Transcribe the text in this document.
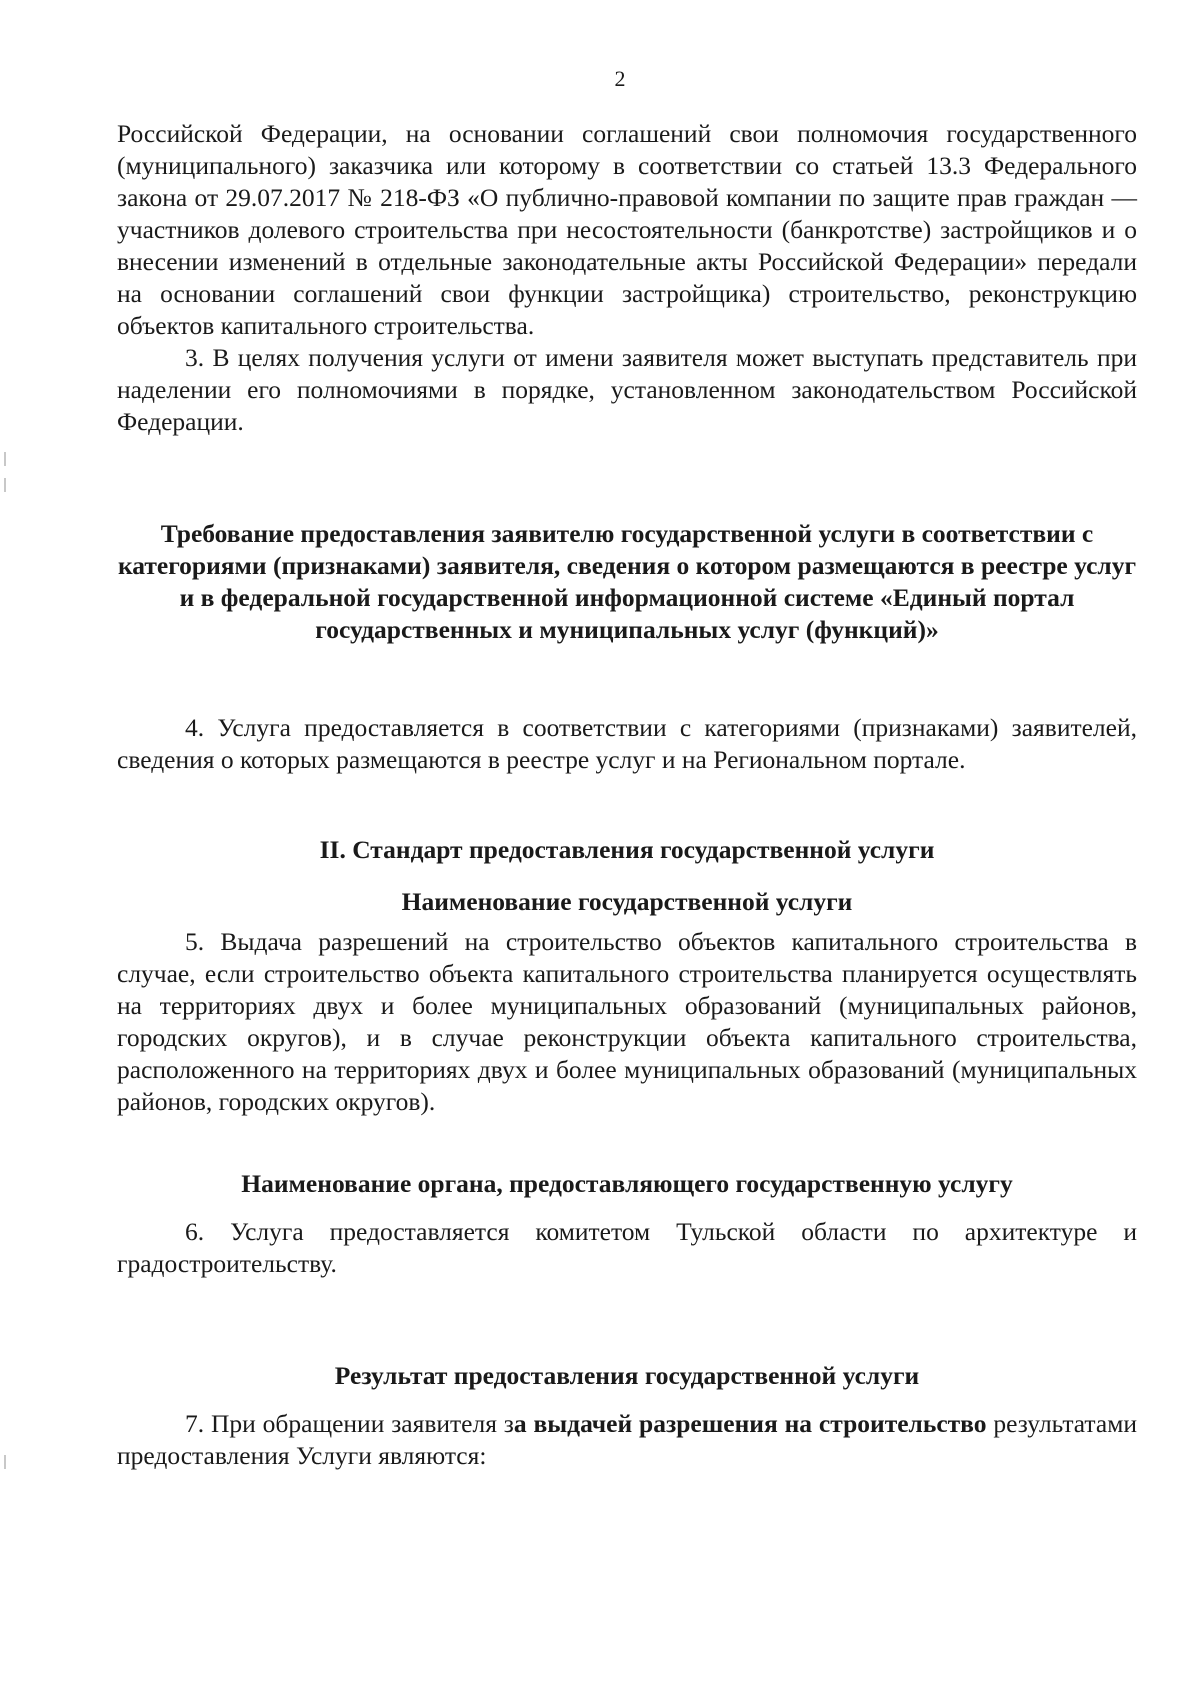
2

Российской Федерации, на основании соглашений свои полномочия государственного (муниципального) заказчика или которому в соответствии со статьей 13.3 Федерального закона от 29.07.2017 № 218-ФЗ «О публично-правовой компании по защите прав граждан — участников долевого строительства при несостоятельности (банкротстве) застройщиков и о внесении изменений в отдельные законодательные акты Российской Федерации» передали на основании соглашений свои функции застройщика) строительство, реконструкцию объектов капитального строительства.

3. В целях получения услуги от имени заявителя может выступать представитель при наделении его полномочиями в порядке, установленном законодательством Российской Федерации.

Требование предоставления заявителю государственной услуги в соответствии с категориями (признаками) заявителя, сведения о котором размещаются в реестре услуг и в федеральной государственной информационной системе «Единый портал государственных и муниципальных услуг (функций)»

4. Услуга предоставляется в соответствии с категориями (признаками) заявителей, сведения о которых размещаются в реестре услуг и на Региональном портале.

II. Стандарт предоставления государственной услуги
Наименование государственной услуги

5. Выдача разрешений на строительство объектов капитального строительства в случае, если строительство объекта капитального строительства планируется осуществлять на территориях двух и более муниципальных образований (муниципальных районов, городских округов), и в случае реконструкции объекта капитального строительства, расположенного на территориях двух и более муниципальных образований (муниципальных районов, городских округов).

Наименование органа, предоставляющего государственную услугу

6. Услуга предоставляется комитетом Тульской области по архитектуре и градостроительству.

Результат предоставления государственной услуги

7. При обращении заявителя за выдачей разрешения на строительство результатами предоставления Услуги являются:
